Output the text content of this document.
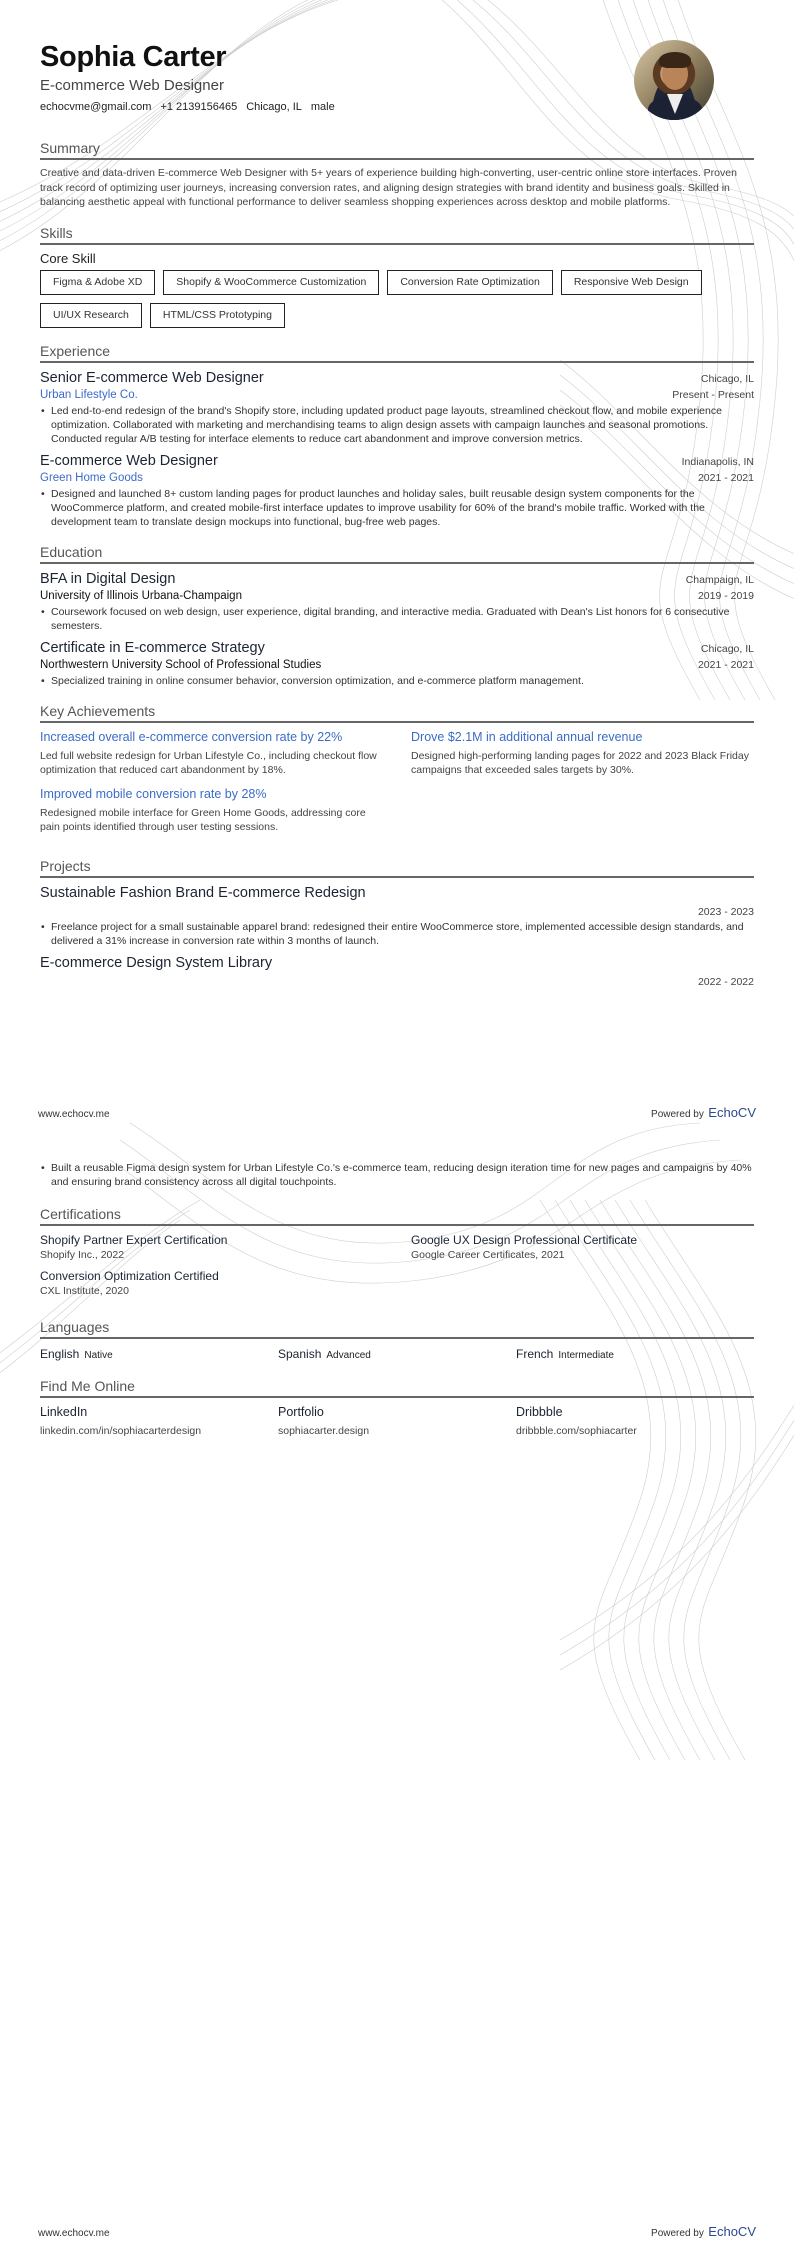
Sophia Carter
E-commerce Web Designer
echocvme@gmail.com +1 2139156465 Chicago, IL male
Summary
Creative and data-driven E-commerce Web Designer with 5+ years of experience building high-converting, user-centric online store interfaces. Proven track record of optimizing user journeys, increasing conversion rates, and aligning design strategies with brand identity and business goals. Skilled in balancing aesthetic appeal with functional performance to deliver seamless shopping experiences across desktop and mobile platforms.
Skills
Core Skill
Figma & Adobe XD	Shopify & WooCommerce Customization	Conversion Rate Optimization	Responsive Web Design
UI/UX Research	HTML/CSS Prototyping
Experience
Senior E-commerce Web Designer	Chicago, IL
Urban Lifestyle Co.	Present - Present
• Led end-to-end redesign of the brand's Shopify store, including updated product page layouts, streamlined checkout flow, and mobile experience optimization. Collaborated with marketing and merchandising teams to align design assets with campaign launches and seasonal promotions. Conducted regular A/B testing for interface elements to reduce cart abandonment and improve conversion metrics.
E-commerce Web Designer	Indianapolis, IN
Green Home Goods	2021 - 2021
• Designed and launched 8+ custom landing pages for product launches and holiday sales, built reusable design system components for the WooCommerce platform, and created mobile-first interface updates to improve usability for 60% of the brand's mobile traffic. Worked with the development team to translate design mockups into functional, bug-free web pages.
Education
BFA in Digital Design	Champaign, IL
University of Illinois Urbana-Champaign	2019 - 2019
• Coursework focused on web design, user experience, digital branding, and interactive media. Graduated with Dean's List honors for 6 consecutive semesters.
Certificate in E-commerce Strategy	Chicago, IL
Northwestern University School of Professional Studies	2021 - 2021
• Specialized training in online consumer behavior, conversion optimization, and e-commerce platform management.
Key Achievements
Increased overall e-commerce conversion rate by 22%
Led full website redesign for Urban Lifestyle Co., including checkout flow optimization that reduced cart abandonment by 18%.
Drove $2.1M in additional annual revenue
Designed high-performing landing pages for 2022 and 2023 Black Friday campaigns that exceeded sales targets by 30%.
Improved mobile conversion rate by 28%
Redesigned mobile interface for Green Home Goods, addressing core pain points identified through user testing sessions.
Projects
Sustainable Fashion Brand E-commerce Redesign
2023 - 2023
• Freelance project for a small sustainable apparel brand: redesigned their entire WooCommerce store, implemented accessible design standards, and delivered a 31% increase in conversion rate within 3 months of launch.
E-commerce Design System Library
2022 - 2022
www.echocv.me	Powered by EchoCV
• Built a reusable Figma design system for Urban Lifestyle Co.'s e-commerce team, reducing design iteration time for new pages and campaigns by 40% and ensuring brand consistency across all digital touchpoints.
Certifications
Shopify Partner Expert Certification
Shopify Inc., 2022
Google UX Design Professional Certificate
Google Career Certificates, 2021
Conversion Optimization Certified
CXL Institute, 2020
Languages
English Native	Spanish Advanced	French Intermediate
Find Me Online
LinkedIn
linkedin.com/in/sophiacarterdesign
Portfolio
sophiacarter.design
Dribbble
dribbble.com/sophiacarter
www.echocv.me	Powered by EchoCV
